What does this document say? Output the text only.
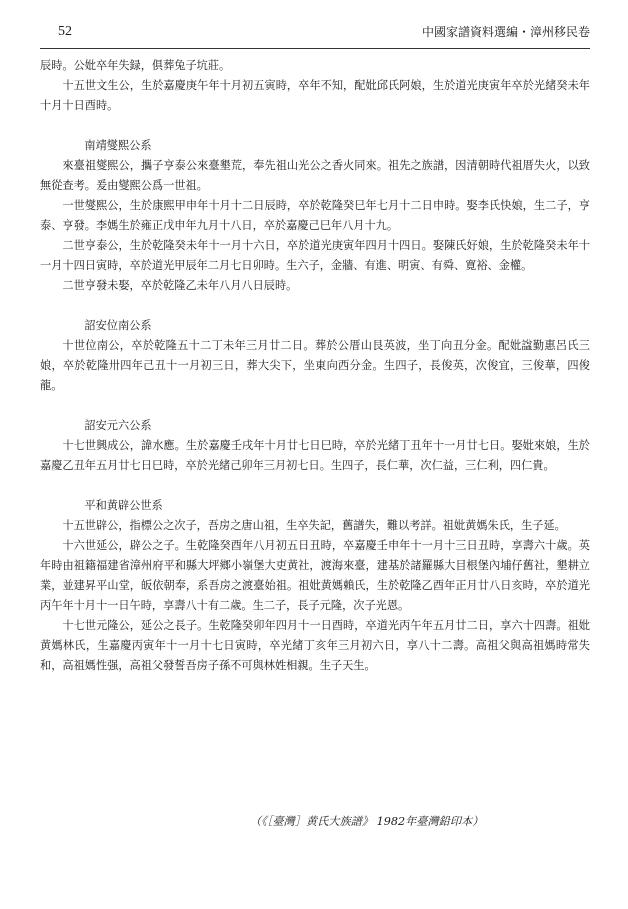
52	中國家譜資料選編・漳州移民卷

辰時。公妣卒年失録，俱葬兔子坑莊。

十五世文生公，生於嘉慶庚午年十月初五寅時，卒年不知，配妣邱氏阿娘，生於道光庚寅年卒於光緒癸未年十月十日酉時。

南靖燮熙公系

來臺祖燮熙公，攜子亨泰公來臺墾荒，奉先祖山光公之香火同來。祖先之族譜，因清朝時代祖厝失火，以致無從查考。爰由燮熙公爲一世祖。

一世燮熙公，生於康熙甲申年十月十二日辰時，卒於乾隆癸巳年七月十二日申時。娶李氏快娘，生二子，亨泰、亨發。李媽生於雍正戊申年九月十八日，卒於嘉慶己巳年八月十九。

二世亨泰公，生於乾隆癸未年十一月十六日，卒於道光庚寅年四月十四日。娶陳氏好娘，生於乾隆癸未年十一月十四日寅時，卒於道光甲辰年二月七日卯時。生六子，金牆、有進、明寅、有舜、寛裕、金權。

二世亨發未娶，卒於乾隆乙未年八月八日辰時。

詔安位南公系

十世位南公，卒於乾隆五十二丁未年三月廿二日。葬於公厝山艮英波，坐丁向丑分金。配妣諡勤惠呂氏三娘，卒於乾隆卅四年己丑十一月初三日，葬大尖下，坐東向西分金。生四子，長俊英，次俊宜，三俊華，四俊龍。

詔安元六公系

十七世興成公，諱水應。生於嘉慶壬戌年十月廿七日巳時，卒於光緒丁丑年十一月廿七日。娶妣來娘，生於嘉慶乙丑年五月廿七日巳時，卒於光緒己卯年三月初七日。生四子，長仁華，次仁益，三仁利，四仁貴。

平和黄辟公世系

十五世辟公，指標公之次子，吾房之唐山祖，生卒失記，舊譜失，難以考詳。祖妣黄媽朱氏，生子延。

十六世延公，辟公之子。生乾隆癸酉年八月初五日丑時，卒嘉慶壬申年十一月十三日丑時，享壽六十歲。英年時由祖籍福建省漳州府平和縣大坪鄉小嶺堡大吏黄社，渡海來臺，建基於諸羅縣大目根堡內埔仔舊社，墾耕立業，並建昇平山堂，皈依朝奉，系吾房之渡臺始祖。祖妣黄媽賴氏，生於乾隆乙酉年正月廿八日亥時，卒於道光丙午年十月十一日午時，享壽八十有二歲。生二子，長子元隆，次子光恩。

十七世元隆公，延公之長子。生乾隆癸卯年四月十一日酉時，卒道光丙午年五月廿二日，享六十四壽。祖妣黄媽林氏，生嘉慶丙寅年十一月十七日寅時，卒光緒丁亥年三月初六日，享八十二壽。高祖父與高祖媽時常失和，高祖媽性强，高祖父發誓吾房子孫不可與林姓相親。生子天生。

（《［臺灣］黄氏大族譜》 1982年臺灣鉛印本）
